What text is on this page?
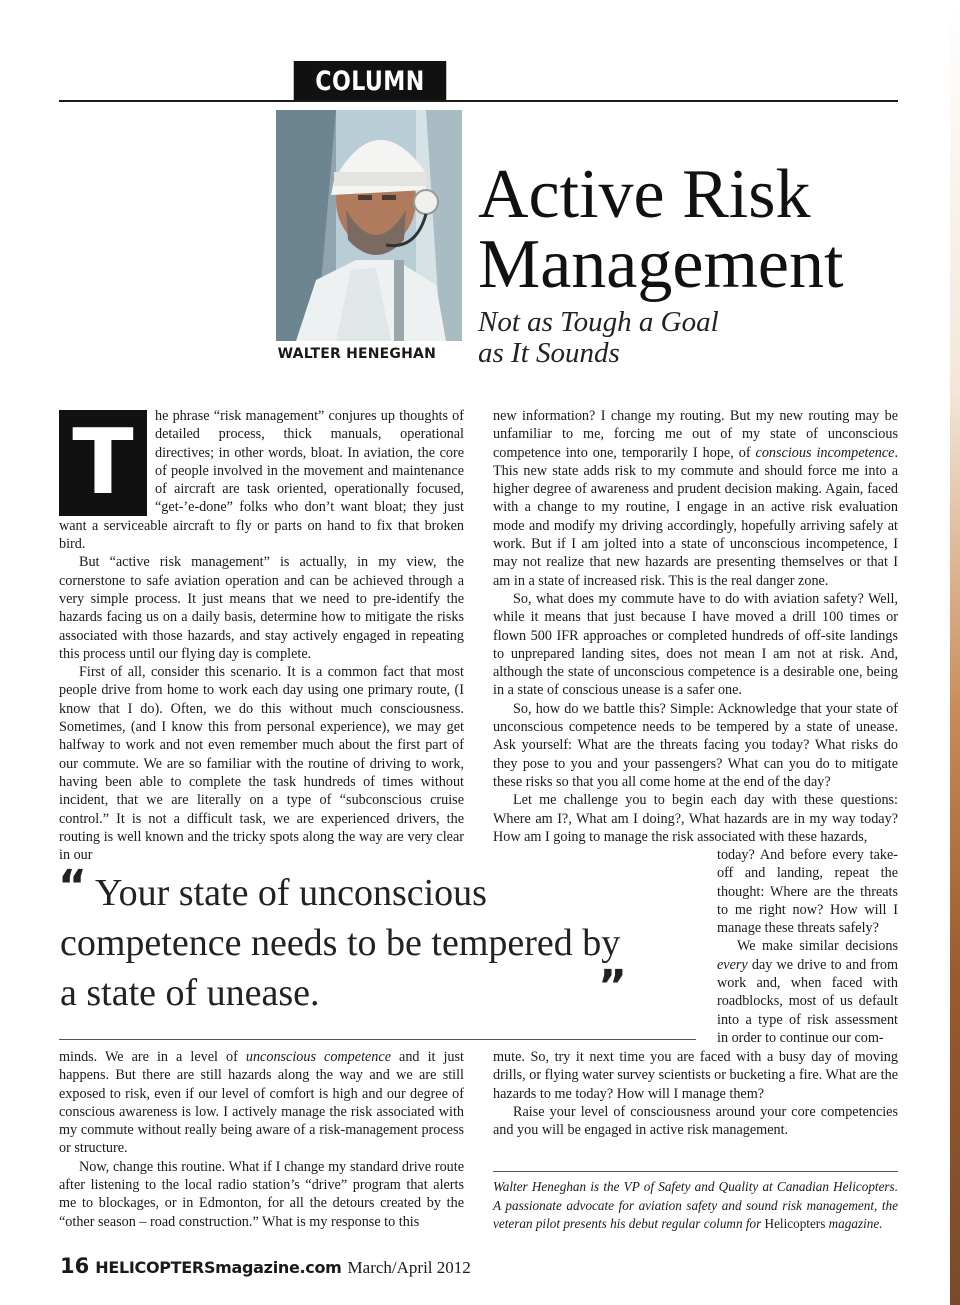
COLUMN
WALTER HENEGHAN
Active Risk Management
Not as Tough a Goal
as It Sounds
T	he phrase “risk management” conjures up thoughts of detailed process, thick manuals, operational directives; in other words, bloat. In aviation, the core of people involved in the movement and maintenance of aircraft are task oriented, operationally focused, “get-’e-done” folks who don’t want bloat; they just want a serviceable aircraft to fly or parts on hand to fix that broken bird.

But “active risk management” is actually, in my view, the cornerstone to safe aviation operation and can be achieved through a very simple process. It just means that we need to pre-identify the hazards facing us on a daily basis, determine how to mitigate the risks associated with those hazards, and stay actively engaged in repeating this process until our flying day is complete.

First of all, consider this scenario. It is a common fact that most people drive from home to work each day using one primary route, (I know that I do). Often, we do this without much consciousness. Sometimes, (and I know this from personal experience), we may get halfway to work and not even remember much about the first part of our commute. We are so familiar with the routine of driving to work, having been able to complete the task hundreds of times without incident, that we are literally on a type of “subconscious cruise control.” It is not a difficult task, we are experienced drivers, the routing is well known and the tricky spots along the way are very clear in our

new information? I change my routing. But my new routing may be unfamiliar to me, forcing me out of my state of unconscious competence into one, temporarily I hope, of conscious incompetence. This new state adds risk to my commute and should force me into a higher degree of awareness and prudent decision making. Again, faced with a change to my routine, I engage in an active risk evaluation mode and modify my driving accordingly, hopefully arriving safely at work. But if I am jolted into a state of unconscious incompetence, I may not realize that new hazards are presenting themselves or that I am in a state of increased risk. This is the real danger zone.

So, what does my commute have to do with aviation safety? Well, while it means that just because I have moved a drill 100 times or flown 500 IFR approaches or completed hundreds of off-site landings to unprepared landing sites, does not mean I am not at risk. And, although the state of unconscious competence is a desirable one, being in a state of conscious unease is a safer one.

So, how do we battle this? Simple: Acknowledge that your state of unconscious competence needs to be tempered by a state of unease. Ask yourself: What are the threats facing you today? What risks do they pose to you and your passengers? What can you do to mitigate these risks so that you all come home at the end of the day?

Let me challenge you to begin each day with these questions: Where am I?, What am I doing?, What hazards are in my way today? How am I going to manage the risk associated with these hazards,

“ Your state of unconscious competence needs to be tempered by a state of unease.	”

today? And before every take-off and landing, repeat the thought: Where are the threats to me right now? How will I manage these threats safely?

We make similar decisions every day we drive to and from work and, when faced with roadblocks, most of us default into a type of risk assessment in order to continue our com-

minds. We are in a level of unconscious competence and it just happens. But there are still hazards along the way and we are still exposed to risk, even if our level of comfort is high and our degree of conscious awareness is low. I actively manage the risk associated with my commute without really being aware of a risk-management process or structure.

Now, change this routine. What if I change my standard drive route after listening to the local radio station’s “drive” program that alerts me to blockages, or in Edmonton, for all the detours created by the “other season – road construction.” What is my response to this

mute. So, try it next time you are faced with a busy day of moving drills, or flying water survey scientists or bucketing a fire. What are the hazards to me today? How will I manage them?

Raise your level of consciousness around your core competencies and you will be engaged in active risk management.

Walter Heneghan is the VP of Safety and Quality at Canadian Helicopters. A passionate advocate for aviation safety and sound risk management, the veteran pilot presents his debut regular column for Helicopters magazine.
16 HELICOPTERSmagazine.com March/April 2012
